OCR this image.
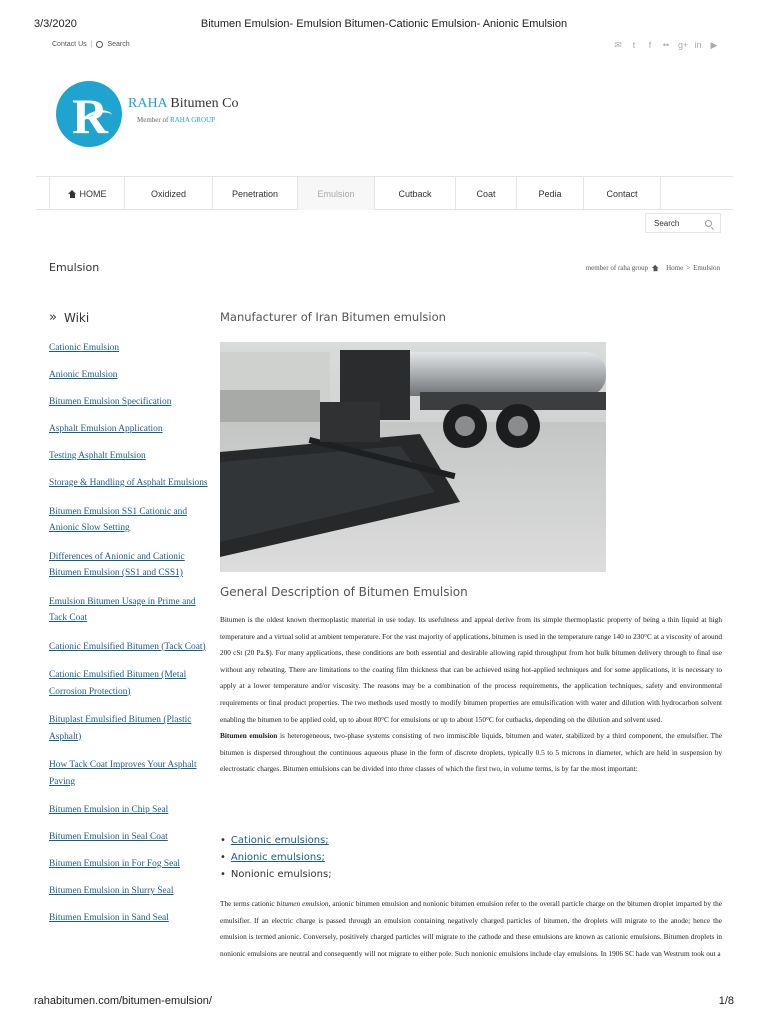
3/3/2020	Bitumen Emulsion- Emulsion Bitumen-Cationic Emulsion- Anionic Emulsion
Contact Us | Search	✉	t	f	•• g+ in ▶
R RAHA Bitumen Co
Member of RAHA GROUP
HOME	Oxidized	Penetration	Emulsion	Cutback	Coat	Pedia	Contact
Search
Emulsion	member of raha group	Home > Emulsion
» Wiki
Cationic Emulsion
Anionic Emulsion
Bitumen Emulsion Specification
Asphalt Emulsion Application
Testing Asphalt Emulsion
Storage & Handling of Asphalt Emulsions
Bitumen Emulsion SS1 Cationic and Anionic Slow Setting
Differences of Anionic and Cationic Bitumen Emulsion (SS1 and CSS1)
Emulsion Bitumen Usage in Prime and Tack Coat
Cationic Emulsified Bitumen (Tack Coat)
Cationic Emulsified Bitumen (Metal Corrosion Protection)
Bituplast Emulsified Bitumen (Plastic Asphalt)
How Tack Coat Improves Your Asphalt Paving
Bitumen Emulsion in Chip Seal
Bitumen Emulsion in Seal Coat
Bitumen Emulsion in For Fog Seal
Bitumen Emulsion in Slurry Seal
Bitumen Emulsion in Sand Seal
Manufacturer of Iran Bitumen emulsion
General Description of Bitumen Emulsion

Bitumen is the oldest known thermoplastic material in use today. Its usefulness and appeal derive from its simple thermoplastic property of being a thin liquid at high temperature and a virtual solid at ambient temperature. For the vast majority of applications, bitumen is used in the temperature range 140 to 230°C at a viscosity of around 200 cSt (20 Pa.$). For many applications, these conditions are both essential and desirable allowing rapid throughput from hot bulk bitumen delivery through to final use without any reheating. There are limitations to the coating film thickness that can be achieved using hot-applied techniques and for some applications, it is necessary to apply at a lower temperature and/or viscosity. The reasons may be a combination of the process requirements, the application techniques, safety and environmental requirements or final product properties. The two methods used mostly to modify bitumen properties are emulsification with water and dilution with hydrocarbon solvent enabling the bitumen to be applied cold, up to about 80°C for emulsions or up to about 150°C for cutbacks, depending on the dilution and solvent used.

Bitumen emulsion is heterogeneous, two-phase systems consisting of two immiscible liquids, bitumen and water, stabilized by a third component, the emulsifier. The bitumen is dispersed throughout the continuous aqueous phase in the form of discrete droplets, typically 0.5 to 5 microns in diameter, which are held in suspension by electrostatic charges. Bitumen emulsions can be divided into three classes of which the first two, in volume terms, is by far the most important:

• Cationic emulsions;
• Anionic emulsions;
• Nonionic emulsions;
The terms cationic bitumen emulsion, anionic bitumen emulsion and nonionic bitumen emulsion refer to the overall particle charge on the bitumen droplet imparted by the emulsifier. If an electric charge is passed through an emulsion containing negatively charged particles of bitumen, the droplets will migrate to the anode; hence the emulsion is termed anionic. Conversely, positively charged particles will migrate to the cathode and these emulsions are known as cationic emulsions. Bitumen droplets in nonionic emulsions are neutral and consequently will not migrate to either pole. Such nonionic emulsions include clay emulsions. In 1906 SC hade van Westrum took out a
rahabitumen.com/bitumen-emulsion/	1/8
